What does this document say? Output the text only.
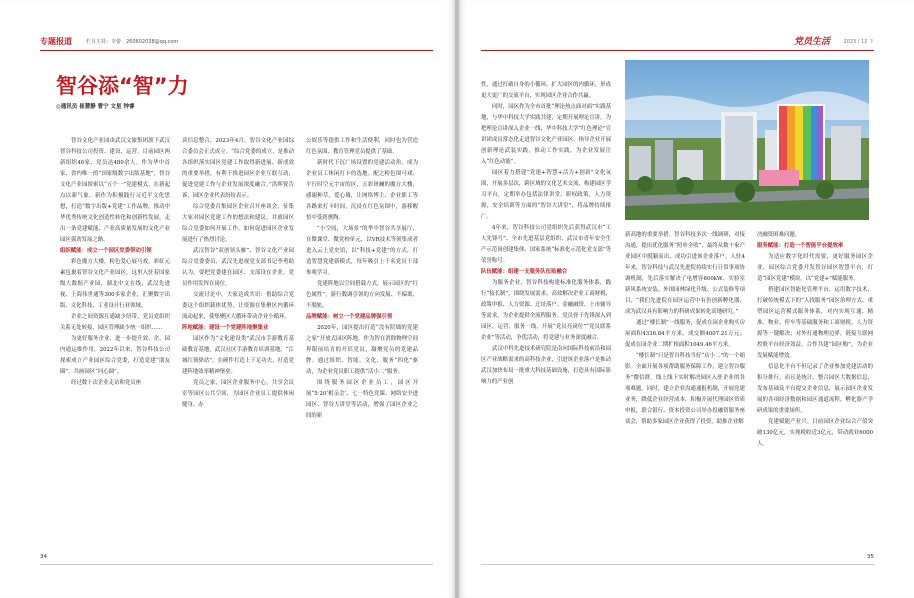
专题报道	栏目主持：李蕾　260602038@qq.com
智谷添“智”力
◎通讯员 崔慧静 曹宁 文星 钟睿

智谷文化产业园由武汉文旅集团旗下武汉智谷科技公司投资、建设、运营。目前园区两新组织40家、党员达480余人。作为华中首家、省内唯一的“国家级数字出版基地”，智谷文化产业园探索以“五个一”党建模式，在新起点以新气象、新作为积极践行习近平文化思想，打造“数字出版+党建”工作品牌，推动中华优秀传统文化创造性转化和创新性发展，走出一条党建赋能、产业高质量发展的文化产业园区强劲发展之路。

组织赋能：成立一个园区党委带动引领

彩色魔方大楼，粉色爱心展马戏，彩虹元素包裹着智谷文化产业园区，这里入驻着国家级大数据产业园，湖北中文在线，武汉先进视、上海伟世通等300多家企业，汇聚数字出版、文化科技、工业设计行业领域。

企业之间资源互通缺少纽带，党员党组织关系无处转接，园区管理缺少统一组织……

为更好服务企业、进一步提升效、企、园内通运维作用，2022年以来，智谷科技公司探索成立产业园区综合党委，打造党建“朋友圈”，共画园区“同心圆”。

经过数十次企业走访和党员座

谈信息整合，2023年4月，智谷文化产业园综合委员会正式成立。“综合党委的成立，是推动各组织落实园区党建工作取得新进展、新成效的重要举措，有利于推进园区企业互联互动，促进党建工作与企业发展深度融合。”洪晖锐告诉，园区企业代表纷纷表示。

综合党委召集园区企业召开座谈会，征集大家对园区党建工作的想法和建议，并就园区综合党委如何开展工作，如何促进园区企业发展进行了热烈讨论。

武汉智谷“双创领头雁”、智谷文化产业园综合党委委员、武汉先进视党支部书记李勇助认为，要把党委建在园区、支部设在企业，党员作用发挥在岗位。

交流讨论中，大家达成共识：借助综合党委这个组织载体优势，让资源在集聚区内循环流动起来，使集聚区大循环带动企业小循环。

阵地赋能：建设一个党建阵地聚集业

园区作为“文化建设类”武汉市手游教育基础教育基地，武汉社区手游教育培训基地，“江城红领驿站”，在硬件打造上下足功夫，打造党建阵地效率精神堡垒。

党员之家，园区企业服务中心，共享会议室等园区公共空间，为园区企业员工提供休闲健身、办

公娱乐等提供工作和生活便利，同时也为营造红色氛围、教育管理党员提供了基础。

新时代下沉广场设置的党建活动角，成为企业员工休闲打卡的选地。配之粉色围马戏、平行时空元宇宙的区，五彩斑斓的魔方大楼，感谢种草，爱心墙，让网络博主、企业职工等各路来打卡时间，沉浸在红色氛围中，游移醒悟中受到熏陶。

“小空间，大场景”的华中智谷共享展厅，在微课堂、微党校单元，以VR技术等领集成者进入云上党史馆，以“科技+党建”的方式，打造智慧党建新模式，每年吸引上千名党员干部参观学习。

党建阵地以空间搭载方式，展示园区的“红色属性”，游行数调引领的方向发展、不偏离、不脱轨。

品牌赋能：树立一个党建品牌强引领

2020年，园区提出打造“没有院墙的党建之家”开放式园区阵地，作为智在消除物理空间界限前培育的开培党员，凝聚党员的党建品牌。通过组织、智能、文化、服务“四化”驱动，为企业党员职工提供“活小二”服务。

围绕服务园区企业员工，园区开展“5·20‘相亲会’、七一特色党课、网络安全进园区、智谷大讲堂等活动，增强了园区企业之间的新

34
党员生活	2023 / 12 下

性，通过打破自身的小循环，扩大园区的内循环，形成更大更广的交流平台，实现园区企业合作共赢。

同时，园区作为全市首批“理论热点面对面”实践基地，与华中科技大学实践共建，定期开展理论宣讲。为把理论宣讲深入企业一线，华中科技大学“红色理论”宣讲团成员常态化走进智谷文化产业园区，指导企业开展创新理论武装实践，推动工作实践，为企业发展注入“红色动能”。

园区着力搭建“党建+智慧+活力+创新”文化氛围，开展多层次，跨区域的文化艺术交流，构建园区学习平台，定期举办包括法律讲堂，职权政策，人力资源，安全培训等方面的“智谷大讲堂”，将品牌持续推广。

4年来，智谷科技公司党组织先后获得武汉市“工人先锋号”、全市先进基层党组织、武汉市青年安全生产示范岗创建集体、国家系统“标准化示范化党支部”等荣誉称号。

队伍赋能：组建一支服务队伍贴融合

为服务企业，智谷科技构建标准化服务体系，践行“接长制”，围绕发展需求，高效解决企业工商财税、政策申报、人力资源、迁址落户、金融融资、上市辅导等需求，为企业提供全流程服务。党员骨干先锋深入到园区，运营，服务一线，开展“党员亮岗位”“党员联系企业”等活动，争优活动，将党建与业务深度融合。

武汉中科先进技术研究院是南向国际科技前沿和园区产业战略需求的高科技企业，引进该企业落户是推动武汉加快布局一批重大科技基础设施，打造具有国际影响力的产业创

新高地的重要举措。智谷科技多次一线调研，对接沟通，提出优化服务“照单全收”，最终从数十家产业园区中脱颖而出，成功引进该企业落户。人驻4年来，智谷科技与武汉先进院持续实行日常事项协调机制，先后落实解决了电增容600kW、实验室新风系统安装、外围园林绿化升级、公式装修等项目，“我们先进院在园区运营中有仍创新孵化器，成为武汉具有影响力的科研成果转化高地研究。”

通过“楼长制”一线服务，促成在园企业购买房屋面积4336.84平方米，成交额4007.21万元；促成在园企业二期扩租面积1049.46平方米。

“楼长制”只是智谷科技当好“店小二”的一个缩影。全面开展各项帮助服务保障工作，建立智谷服务”微信群，线上线下实时解决园区入驻企业的各项难题。同时，建立企业沟通通报机制，开展党建业务，降低企业经营成本，积极开展代理园区资质申报，联合银行、资本投资公司举办投融资服务座谈会，帮助多家园区企业获得了投资，助推企业解

决融资困难问题。

服务赋能：打造一个智能平台提效率

为适应数字化时代需要，更好服务园区企业，园区综合党委开发智谷园区智慧平台，打造“园区党建”模块，以“党建+”赋能服务。

搭建园区智能化管理平台，运用数字技术，打破传统模式下的“人找服务”园区治理方式，重塑园区运营模式服务体系，对内实现互通、精准、物业、停车等基础服务和工商财税、人力资源等一键解决；对外打通物理边界，链接互联网控股平台经济效益，合作共建“园区购”，为企业发展赋能增效。

信息化平台不但记录了企业参加党建活动的积分排行，而且是统计、整合园区大数据信息，发布基础及平台提交企业信息，展示园区企业发展的各项经济数据和园区通道流程，孵化器产学研成果的重要场所。

党建赋能产业兴。目前园区企业综合产值突破130亿元，实现税收近3亿元，带动就业6000人。

35
